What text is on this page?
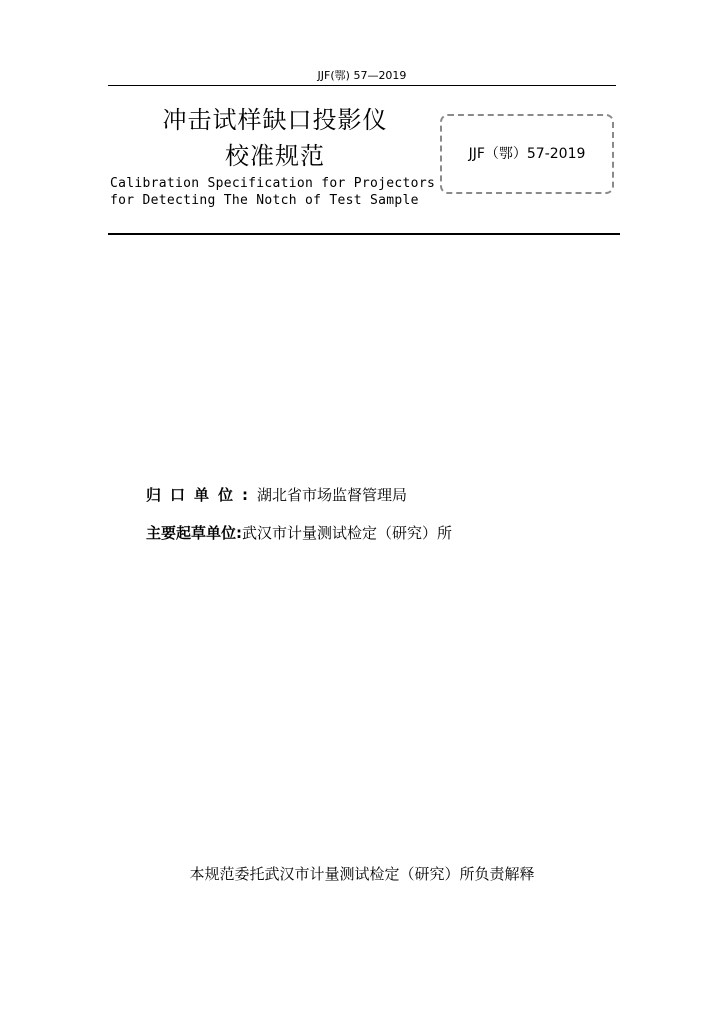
JJF(鄂) 57—2019
冲击试样缺口投影仪
校准规范
Calibration Specification for Projectors
for Detecting The Notch of Test Sample
JJF（鄂）57-2019
归口单位:湖北省市场监督管理局
主要起草单位:武汉市计量测试检定（研究）所
本规范委托武汉市计量测试检定（研究）所负责解释
